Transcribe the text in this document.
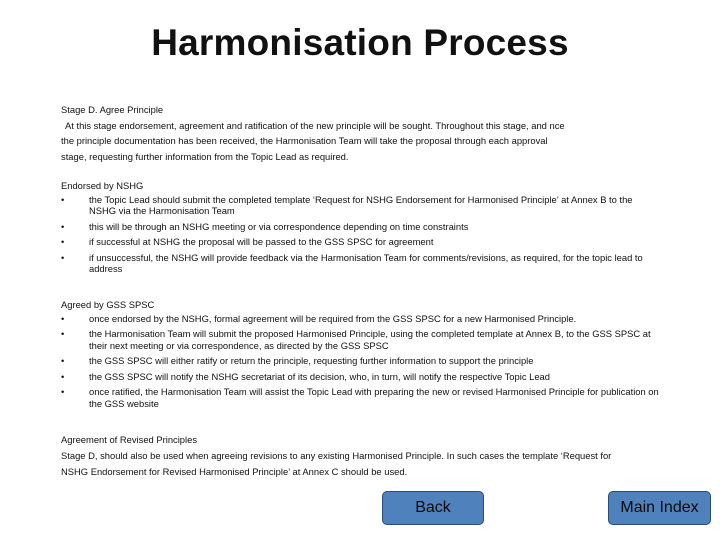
Harmonisation Process

Stage D. Agree Principle

At this stage endorsement, agreement and ratification of the new principle will be sought. Throughout this stage, and nce

the principle documentation has been received, the Harmonisation Team will take the proposal through each approval

stage, requesting further information from the Topic Lead as required.

Endorsed by NSHG

•	the Topic Lead should submit the completed template ‘Request for NSHG Endorsement for Harmonised Principle’ at Annex B to the NSHG via the Harmonisation Team
•	this will be through an NSHG meeting or via correspondence depending on time constraints
•	if successful at NSHG the proposal will be passed to the GSS SPSC for agreement
•	if unsuccessful, the NSHG will provide feedback via the Harmonisation Team for comments/revisions, as required, for the topic lead to address

Agreed by GSS SPSC

•	once endorsed by the NSHG, formal agreement will be required from the GSS SPSC for a new Harmonised Principle.
•	the Harmonisation Team will submit the proposed Harmonised Principle, using the completed template at Annex B, to the GSS SPSC at their next meeting or via correspondence, as directed by the GSS SPSC
•	the GSS SPSC will either ratify or return the principle, requesting further information to support the principle
•	the GSS SPSC will notify the NSHG secretariat of its decision, who, in turn, will notify the respective Topic Lead
•	once ratified, the Harmonisation Team will assist the Topic Lead with preparing the new or revised Harmonised Principle for publication on the GSS website

Agreement of Revised Principles

Stage D, should also be used when agreeing revisions to any existing Harmonised Principle. In such cases the template ‘Request for

NSHG Endorsement for Revised Harmonised Principle’ at Annex C should be used.

Back	Main Index
